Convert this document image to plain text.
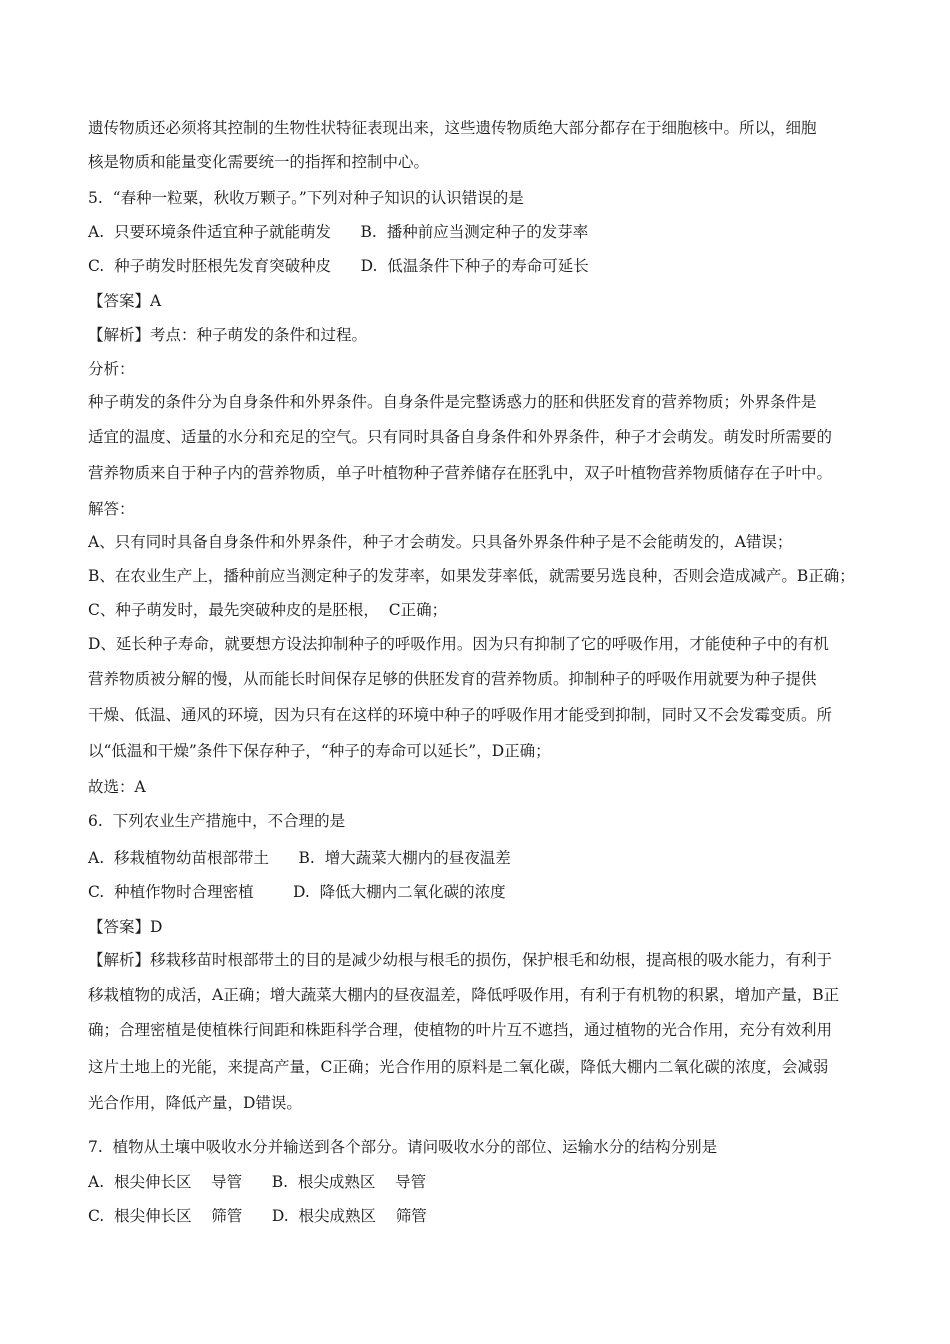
遗传物质还必须将其控制的生物性状特征表现出来，这些遗传物质绝大部分都存在于细胞核中。所以，细胞
核是物质和能量变化需要统一的指挥和控制中心。
5.  “春种一粒粟，秋收万颗子。”下列对种子知识的认识错误的是
A.  只要环境条件适宜种子就能萌发      B.  播种前应当测定种子的发芽率
C.  种子萌发时胚根先发育突破种皮      D.  低温条件下种子的寿命可延长
【答案】A
【解析】考点：种子萌发的条件和过程。
分析：
种子萌发的条件分为自身条件和外界条件。自身条件是完整诱惑力的胚和供胚发育的营养物质；外界条件是
适宜的温度、适量的水分和充足的空气。只有同时具备自身条件和外界条件，种子才会萌发。萌发时所需要的
营养物质来自于种子内的营养物质，单子叶植物种子营养储存在胚乳中，双子叶植物营养物质储存在子叶中。
解答：
A、只有同时具备自身条件和外界条件，种子才会萌发。只具备外界条件种子是不会能萌发的，A错误；
B、在农业生产上，播种前应当测定种子的发芽率，如果发芽率低，就需要另选良种，否则会造成减产。B正确；
C、种子萌发时，最先突破种皮的是胚根，  C正确；
D、延长种子寿命，就要想方设法抑制种子的呼吸作用。因为只有抑制了它的呼吸作用，才能使种子中的有机
营养物质被分解的慢，从而能长时间保存足够的供胚发育的营养物质。抑制种子的呼吸作用就要为种子提供
干燥、低温、通风的环境，因为只有在这样的环境中种子的呼吸作用才能受到抑制，同时又不会发霉变质。所
以“低温和干燥”条件下保存种子，“种子的寿命可以延长”，D正确；
故选：A
6.  下列农业生产措施中，不合理的是
A.  移栽植物幼苗根部带土      B.  增大蔬菜大棚内的昼夜温差
C.  种植作物时合理密植        D.  降低大棚内二氧化碳的浓度
【答案】D
【解析】移栽移苗时根部带土的目的是减少幼根与根毛的损伤，保护根毛和幼根，提高根的吸水能力，有利于
移栽植物的成活，A正确；增大蔬菜大棚内的昼夜温差，降低呼吸作用，有利于有机物的积累，增加产量，B正
确；合理密植是使植株行间距和株距科学合理，使植物的叶片互不遮挡，通过植物的光合作用，充分有效利用
这片土地上的光能，来提高产量，C正确；光合作用的原料是二氧化碳，降低大棚内二氧化碳的浓度，会减弱
光合作用，降低产量，D错误。
7.  植物从土壤中吸收水分并输送到各个部分。请问吸收水分的部位、运输水分的结构分别是
A.  根尖伸长区    导管      B.  根尖成熟区    导管
C.  根尖伸长区    筛管      D.  根尖成熟区    筛管
